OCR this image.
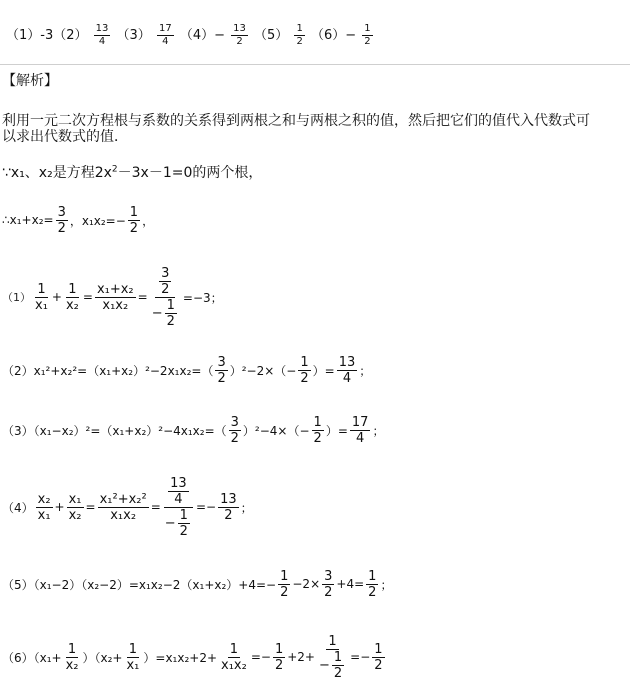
$(1)-3(2) \frac{13}{4} (3) \frac{17}{4} (4)- \frac{13}{2} (5) \frac{1}{2} (6)- \frac{1}{2}$
【解析】
利用一元二次方程根与系数的关系得到两根之和与两根之积的值，然后把它们的值代入代数式可
以求出代数式的值．
∵x₁、x₂是方程$2x^2-3x-1=0$的两个根，
∴x₁+x₂= $\frac{3}{2}$ ，$x_1x_2=- \frac{1}{2}$ ，
$(1) \frac{1}{\text{x₁}} + \frac{1}{\text{x₂}} = \frac{\text{x₁+x₂}}{\text{x₁x₂}} = \frac{\frac{3}{2}}{- \frac{1}{2}} =-3$；
$(2)x_1^2+x_2^2=(x_1+x_2)^2-2x_1x_2=( \frac{3}{2} )^2-2\times(- \frac{1}{2}$ ）= $\frac{13}{4}$ ；
$(3)(x_1-x_2)^2=(x_1+x_2)^2-4x_1x_2=( \frac{3}{2} )^2-4\times(- \frac{1}{2}$ ）= $\frac{17}{4}$ ；
$(4) \frac{\text{x₂}}{\text{x₁}} + \frac{\text{x₁}}{\text{x₂}} = \frac{\text{x₁²+x₂²}}{\text{x₁x₂}} = \frac{\frac{13}{4}}{- \frac{1}{2}} =- \frac{13}{2}$ ；
$(5)(x_1-2)(x_2-2)=x_1x_2-2(x_1+x_2)+4=- \frac{1}{2} -2\times \frac{3}{2} +4= \frac{1}{2}$ ；
$(6)(x_1+ \frac{1}{\text{x₂}} )(x_2+ \frac{1}{\text{x₁}} )=x_1x_2+2+ \frac{1}{\text{x₁x₂}} =- \frac{1}{2} +2+ \frac{1}{- \frac{1}{2}} =- \frac{1}{2}$
